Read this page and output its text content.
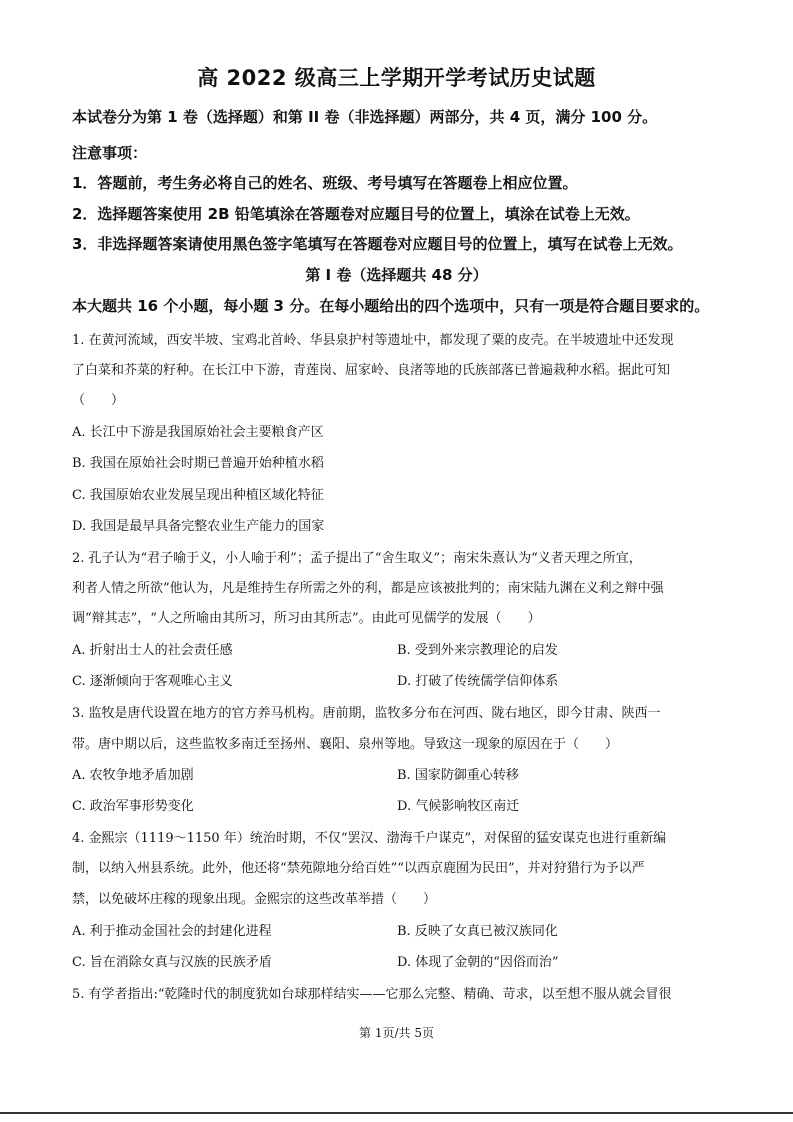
高 2022 级高三上学期开学考试历史试题
本试卷分为第 1 卷（选择题）和第 II 卷（非选择题）两部分，共 4 页，满分 100 分。
注意事项：
1．答题前，考生务必将自己的姓名、班级、考号填写在答题卷上相应位置。
2．选择题答案使用 2B 铅笔填涂在答题卷对应题目号的位置上，填涂在试卷上无效。
3．非选择题答案请使用黑色签字笔填写在答题卷对应题目号的位置上，填写在试卷上无效。
第 I 卷（选择题共 48 分）
本大题共 16 个小题，每小题 3 分。在每小题给出的四个选项中，只有一项是符合题目要求的。
1. 在黄河流域，西安半坡、宝鸡北首岭、华县泉护村等遗址中，都发现了粟的皮壳。在半坡遗址中还发现
了白菜和芥菜的籽种。在长江中下游，青莲岗、屈家岭、良渚等地的氏族部落已普遍栽种水稻。据此可知
（　　）
A. 长江中下游是我国原始社会主要粮食产区
B. 我国在原始社会时期已普遍开始种植水稻
C. 我国原始农业发展呈现出种植区域化特征
D. 我国是最早具备完整农业生产能力的国家
2. 孔子认为“君子喻于义，小人喻于利”；孟子提出了“舍生取义”；南宋朱熹认为“义者天理之所宜，
利者人情之所欲”他认为，凡是维持生存所需之外的利，都是应该被批判的；南宋陆九渊在义利之辩中强
调“辩其志”，“人之所喻由其所习，所习由其所志”。由此可见儒学的发展（　　）
A. 折射出士人的社会责任感	B. 受到外来宗教理论的启发
C. 逐渐倾向于客观唯心主义	D. 打破了传统儒学信仰体系
3. 监牧是唐代设置在地方的官方养马机构。唐前期，监牧多分布在河西、陇右地区，即今甘肃、陕西一
带。唐中期以后，这些监牧多南迁至扬州、襄阳、泉州等地。导致这一现象的原因在于（　　）
A. 农牧争地矛盾加剧	B. 国家防御重心转移
C. 政治军事形势变化	D. 气候影响牧区南迁
4. 金熙宗（1119～1150 年）统治时期，不仅“罢汉、渤海千户谋克”，对保留的猛安谋克也进行重新编
制，以纳入州县系统。此外，他还将“禁苑隙地分给百姓”“以西京鹿囿为民田”，并对狩猎行为予以严
禁，以免破坏庄稼的现象出现。金熙宗的这些改革举措（　　）
A. 利于推动金国社会的封建化进程	B. 反映了女真已被汉族同化
C. 旨在消除女真与汉族的民族矛盾	D. 体现了金朝的“因俗而治”
5. 有学者指出:“乾隆时代的制度犹如台球那样结实——它那么完整、精确、苛求，以至想不服从就会冒很
第 1页/共 5页
